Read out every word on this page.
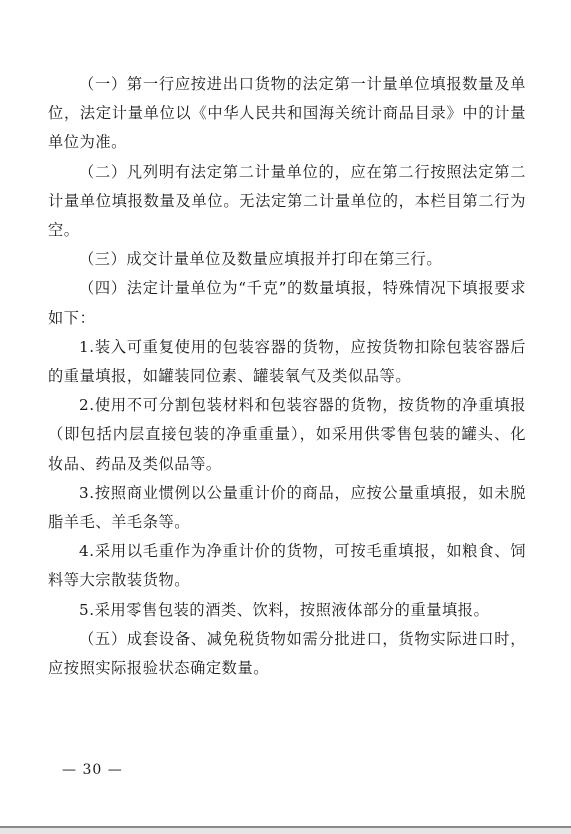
（一）第一行应按进出口货物的法定第一计量单位填报数量及单位，法定计量单位以《中华人民共和国海关统计商品目录》中的计量单位为准。

（二）凡列明有法定第二计量单位的，应在第二行按照法定第二计量单位填报数量及单位。无法定第二计量单位的，本栏目第二行为空。

（三）成交计量单位及数量应填报并打印在第三行。

（四）法定计量单位为“千克”的数量填报，特殊情况下填报要求如下：

1.装入可重复使用的包装容器的货物，应按货物扣除包装容器后的重量填报，如罐装同位素、罐装氧气及类似品等。

2.使用不可分割包装材料和包装容器的货物，按货物的净重填报（即包括内层直接包装的净重重量），如采用供零售包装的罐头、化妆品、药品及类似品等。

3.按照商业惯例以公量重计价的商品，应按公量重填报，如未脱脂羊毛、羊毛条等。

4.采用以毛重作为净重计价的货物，可按毛重填报，如粮食、饲料等大宗散装货物。

5.采用零售包装的酒类、饮料，按照液体部分的重量填报。

（五）成套设备、减免税货物如需分批进口，货物实际进口时，应按照实际报验状态确定数量。

— 30 —
